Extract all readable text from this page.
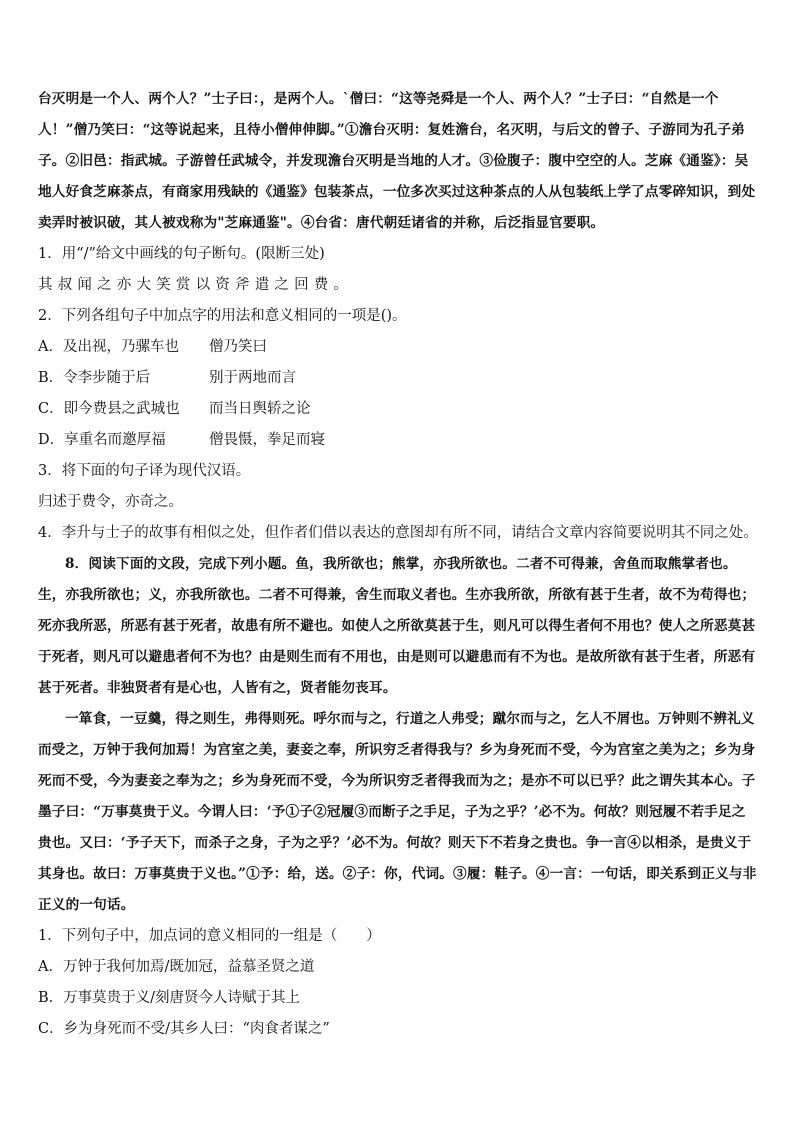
台灭明是一个人、两个人？”士子曰：，是两个人。`僧曰：“这等尧舜是一个人、两个人？”士子曰：“自然是一个人！”僧乃笑曰：“这等说起来，且待小僧伸伸脚。”①澹台灭明：复姓澹台，名灭明，与后文的曾子、子游同为孔子弟子。②旧邑：指武城。子游曾任武城令，并发现澹台灭明是当地的人才。③俭腹子：腹中空空的人。芝麻《通鉴》：吴地人好食芝麻茶点，有商家用残缺的《通鉴》包装茶点，一位多次买过这种茶点的人从包装纸上学了点零碎知识，到处卖弄时被识破，其人被戏称为"芝麻通鉴"。④台省：唐代朝廷诸省的并称，后泛指显官要职。

1．用“/”给文中画线的句子断句。(限断三处)

其叔闻之亦大笑赏以资斧遣之回费。

2．下列各组句子中加点字的用法和意义相同的一项是()。

A．及出视，乃骡车也 僧乃笑曰

B．令李步随于后	别于两地而言

C．即今费县之武城也 而当日舆轿之论

D．享重名而邀厚福	僧畏慑，拳足而寝

3．将下面的句子译为现代汉语。

归述于费令，亦奇之。

4．李升与士子的故事有相似之处，但作者们借以表达的意图却有所不同，请结合文章内容简要说明其不同之处。

8．阅读下面的文段，完成下列小题。鱼，我所欲也；熊掌，亦我所欲也。二者不可得兼，舍鱼而取熊掌者也。生，亦我所欲也；义，亦我所欲也。二者不可得兼，舍生而取义者也。生亦我所欲，所欲有甚于生者，故不为苟得也；死亦我所恶，所恶有甚于死者，故患有所不避也。如使人之所欲莫甚于生，则凡可以得生者何不用也？使人之所恶莫甚于死者，则凡可以避患者何不为也？由是则生而有不用也，由是则可以避患而有不为也。是故所欲有甚于生者，所恶有甚于死者。非独贤者有是心也，人皆有之，贤者能勿丧耳。

一箪食，一豆羹，得之则生，弗得则死。呼尔而与之，行道之人弗受；蹴尔而与之，乞人不屑也。万钟则不辨礼义而受之，万钟于我何加焉！为宫室之美，妻妾之奉，所识穷乏者得我与？乡为身死而不受，今为宫室之美为之；乡为身死而不受，今为妻妾之奉为之；乡为身死而不受，今为所识穷乏者得我而为之；是亦不可以已乎？此之谓失其本心。子墨子曰：“万事莫贵于义。今谓人曰：‘予①子②冠履③而断子之手足，子为之乎？’必不为。何故？则冠履不若手足之贵也。又曰：‘予子天下，而杀子之身，子为之乎？’必不为。何故？则天下不若身之贵也。争一言④以相杀，是贵义于其身也。故曰：万事莫贵于义也。”①予：给，送。②子：你，代词。③履：鞋子。④一言：一句话，即关系到正义与非正义的一句话。

1．下列句子中，加点词的意义相同的一组是（　　）

A．万钟于我何加焉/既加冠，益慕圣贤之道

B．万事莫贵于义/刻唐贤今人诗赋于其上

C．乡为身死而不受/其乡人曰：“肉食者谋之”
